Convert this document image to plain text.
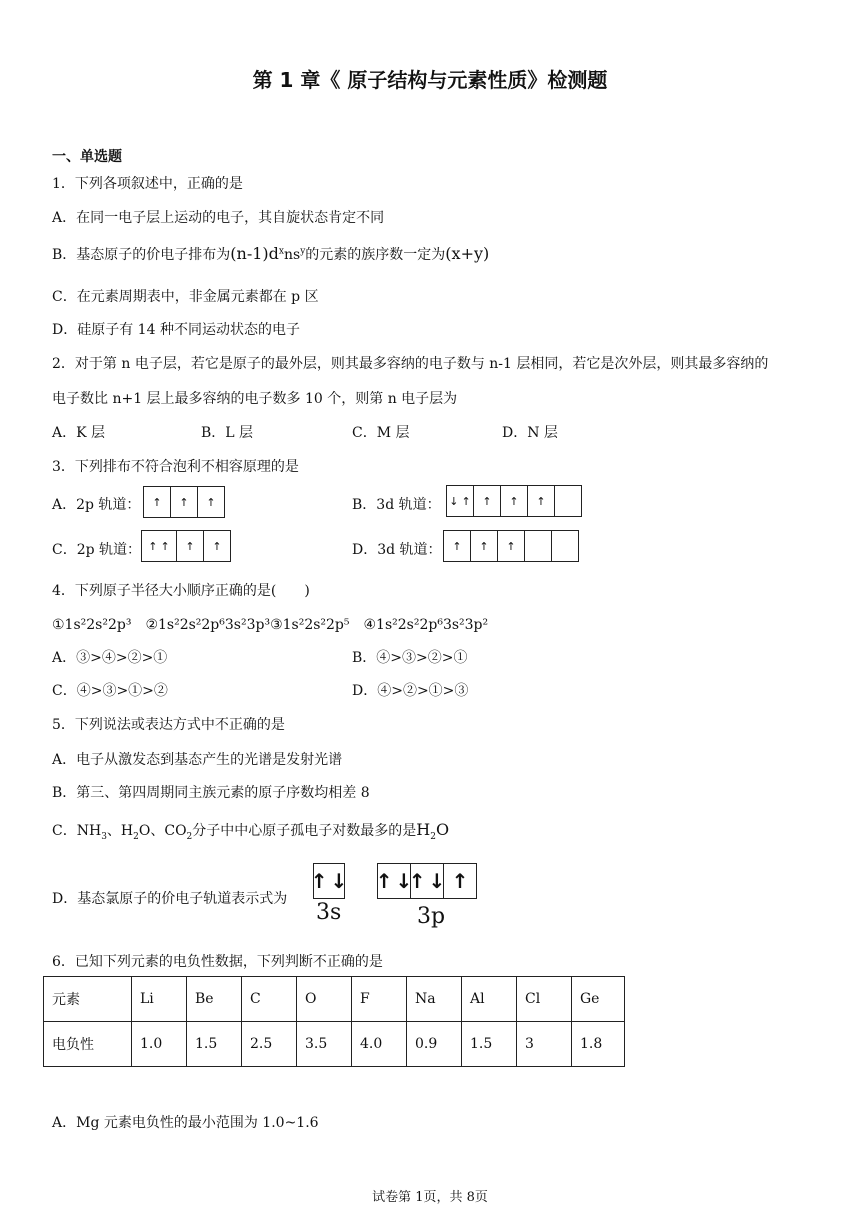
第 1 章《 原子结构与元素性质》检测题
一、单选题
1．下列各项叙述中，正确的是
A．在同一电子层上运动的电子，其自旋状态肯定不同
B．基态原子的价电子排布为$(n-1)d^xns^y$的元素的族序数一定为(x+y)
C．在元素周期表中，非金属元素都在 p 区
D．硅原子有 14 种不同运动状态的电子
2．对于第 n 电子层，若它是原子的最外层，则其最多容纳的电子数与 n-1 层相同，若它是次外层，则其最多容纳的
电子数比 n+1 层上最多容纳的电子数多 10 个，则第 n 电子层为
A．K 层	B．L 层	C．M 层	D．N 层
3．下列排布不符合泡利不相容原理的是
A．2p 轨道： ↑ ↑ ↑	B．3d 轨道： ↓ ↑ ↑ ↑ ↑
C．2p 轨道： ↑ ↑ ↑ ↑	D．3d 轨道： ↑ ↑ ↑
4．下列原子半径大小顺序正确的是(　　)
①1s²2s²2p³　②1s²2s²2p⁶3s²3p³③1s²2s²2p⁵　④1s²2s²2p⁶3s²3p²
A．③>④>②>①	B．④>③>②>①
C．④>③>①>②	D．④>②>①>③
5．下列说法或表达方式中不正确的是
A．电子从激发态到基态产生的光谱是发射光谱
B．第三、第四周期同主族元素的原子序数均相差 8
C．$NH_3$、$H_2O$、$CO_2$分子中中心原子孤电子对数最多的是$H_2O$
D．基态氯原子的价电子轨道表示式为
↑ ↓
3s
↑ ↓
↑ ↓ ↑
3p
6．已知下列元素的电负性数据，下列判断不正确的是
元素	Li	Be	C	O	F	Na	Al	Cl	Ge
电负性	1.0	1.5	2.5	3.5	4.0	0.9	1.5	3	1.8
A．Mg 元素电负性的最小范围为 1.0~1.6
试卷第 1页，共 8页
